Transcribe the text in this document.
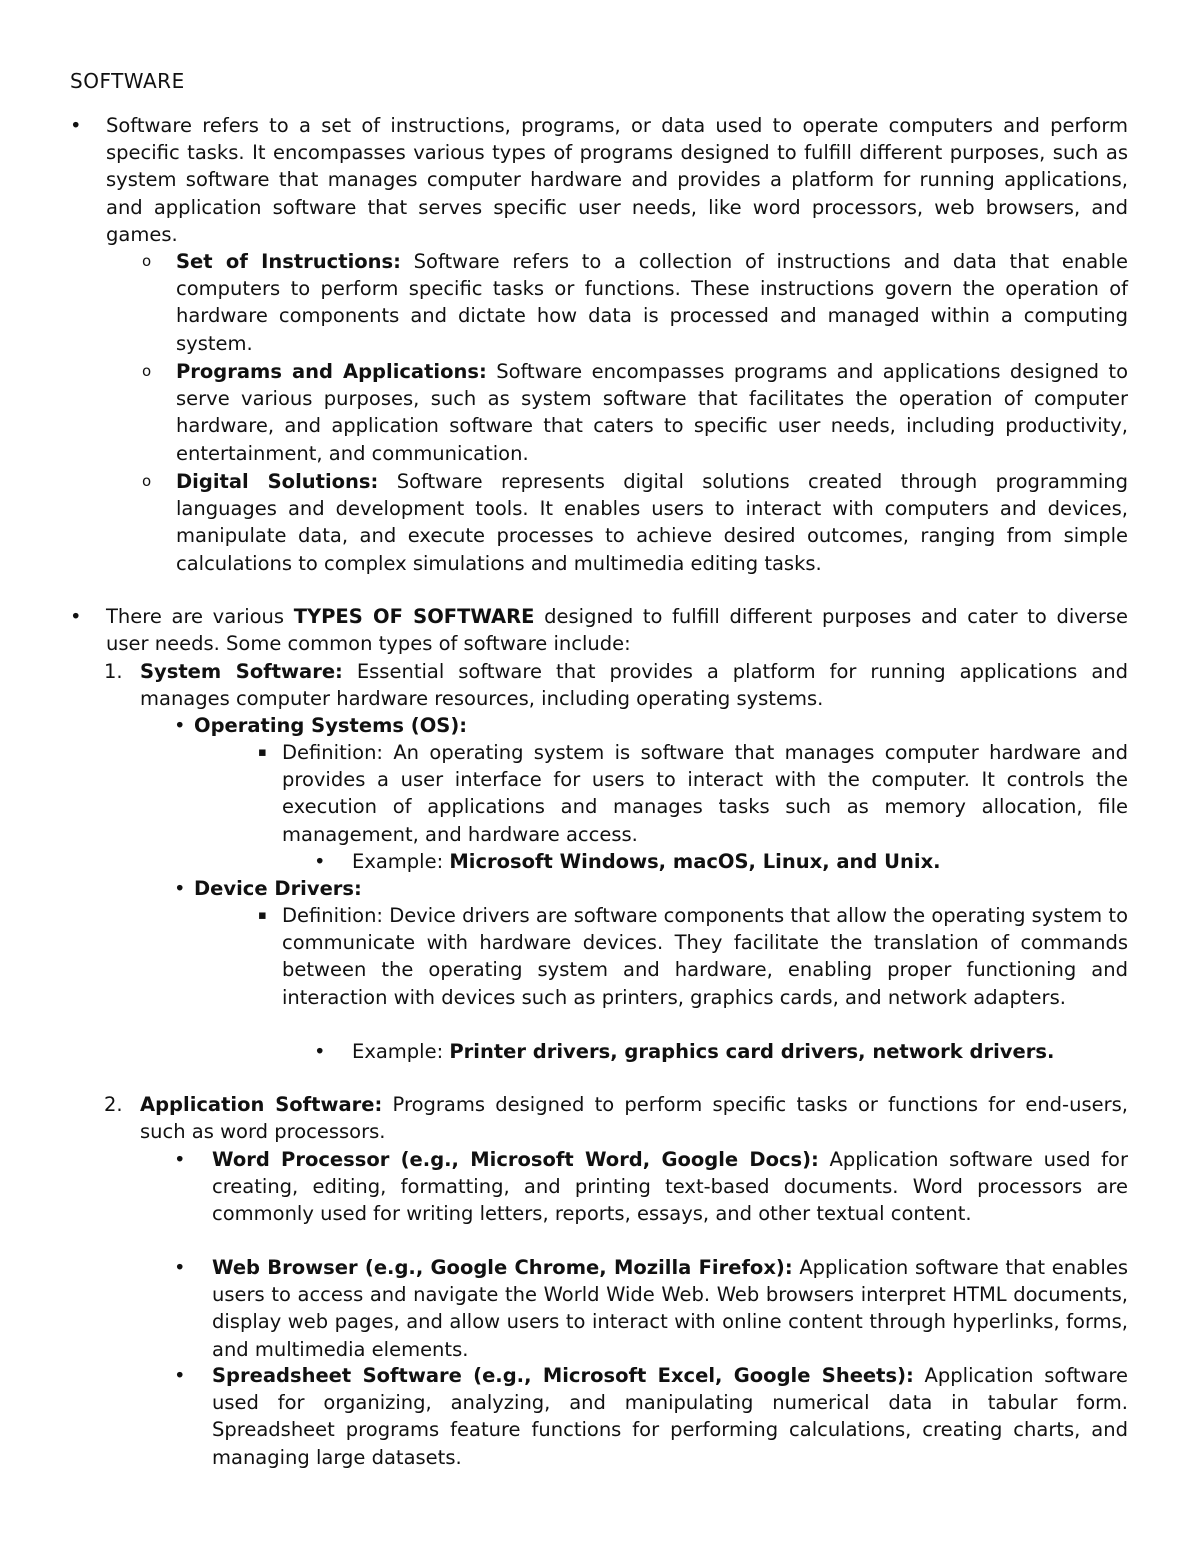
SOFTWARE
• Software refers to a set of instructions, programs, or data used to operate computers and perform specific tasks. It encompasses various types of programs designed to fulfill different purposes, such as system software that manages computer hardware and provides a platform for running applications, and application software that serves specific user needs, like word processors, web browsers, and games.
o Set of Instructions: Software refers to a collection of instructions and data that enable computers to perform specific tasks or functions. These instructions govern the operation of hardware components and dictate how data is processed and managed within a computing system.
o Programs and Applications: Software encompasses programs and applications designed to serve various purposes, such as system software that facilitates the operation of computer hardware, and application software that caters to specific user needs, including productivity, entertainment, and communication.
o Digital Solutions: Software represents digital solutions created through programming languages and development tools. It enables users to interact with computers and devices, manipulate data, and execute processes to achieve desired outcomes, ranging from simple calculations to complex simulations and multimedia editing tasks.
• There are various TYPES OF SOFTWARE designed to fulfill different purposes and cater to diverse user needs. Some common types of software include:
1. System Software: Essential software that provides a platform for running applications and manages computer hardware resources, including operating systems.
• Operating Systems (OS):
▪ Definition: An operating system is software that manages computer hardware and provides a user interface for users to interact with the computer. It controls the execution of applications and manages tasks such as memory allocation, file management, and hardware access.
• Example: Microsoft Windows, macOS, Linux, and Unix.
• Device Drivers:
▪ Definition: Device drivers are software components that allow the operating system to communicate with hardware devices. They facilitate the translation of commands between the operating system and hardware, enabling proper functioning and interaction with devices such as printers, graphics cards, and network adapters.
• Example: Printer drivers, graphics card drivers, network drivers.
2. Application Software: Programs designed to perform specific tasks or functions for end-users, such as word processors.
• Word Processor (e.g., Microsoft Word, Google Docs): Application software used for creating, editing, formatting, and printing text-based documents. Word processors are commonly used for writing letters, reports, essays, and other textual content.
• Web Browser (e.g., Google Chrome, Mozilla Firefox): Application software that enables users to access and navigate the World Wide Web. Web browsers interpret HTML documents, display web pages, and allow users to interact with online content through hyperlinks, forms, and multimedia elements.
• Spreadsheet Software (e.g., Microsoft Excel, Google Sheets): Application software used for organizing, analyzing, and manipulating numerical data in tabular form. Spreadsheet programs feature functions for performing calculations, creating charts, and managing large datasets.
